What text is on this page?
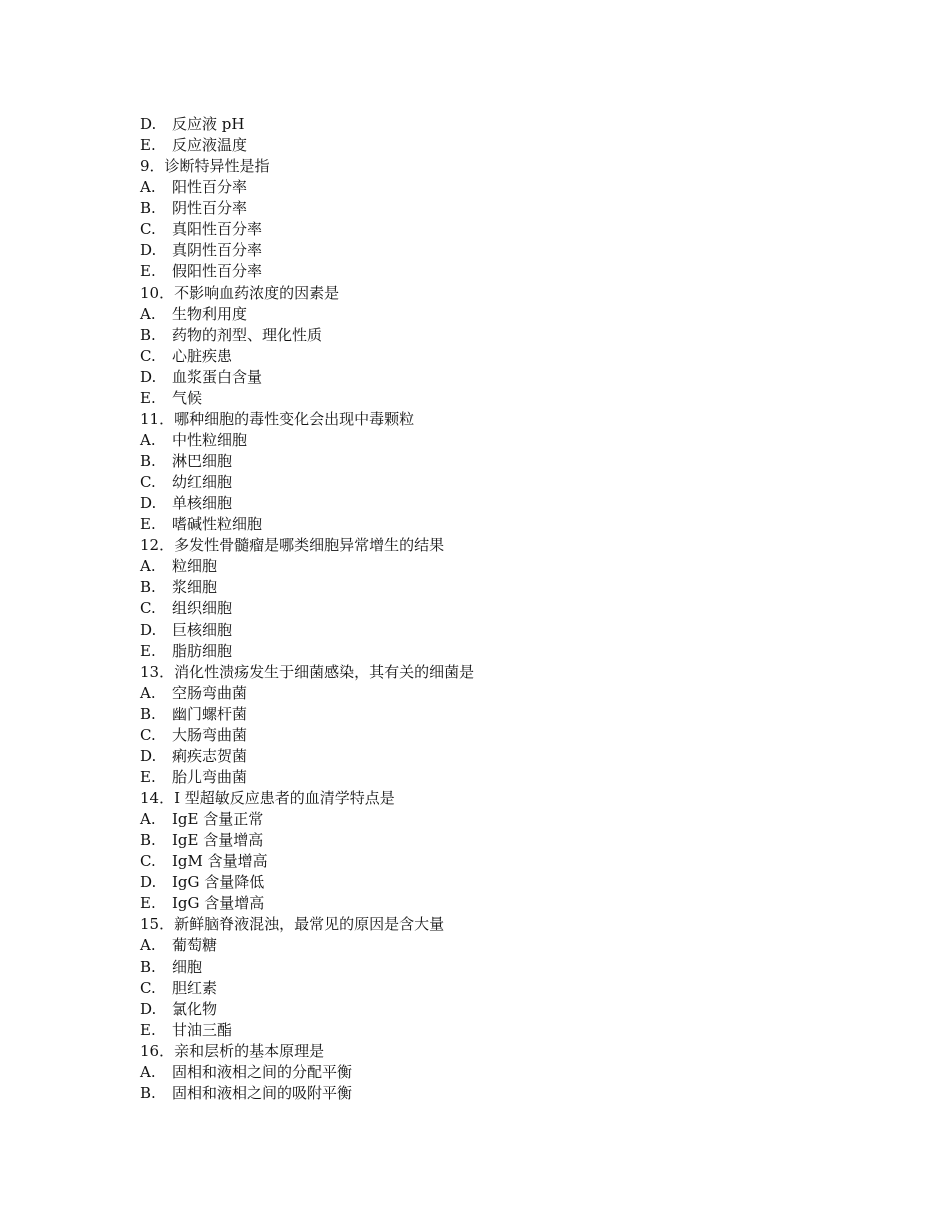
D. 反应液 pH
E. 反应液温度
9．诊断特异性是指
A. 阳性百分率
B. 阴性百分率
C. 真阳性百分率
D. 真阴性百分率
E. 假阳性百分率
10．不影响血药浓度的因素是
A. 生物利用度
B. 药物的剂型、理化性质
C. 心脏疾患
D. 血浆蛋白含量
E. 气候
11．哪种细胞的毒性变化会出现中毒颗粒
A. 中性粒细胞
B. 淋巴细胞
C. 幼红细胞
D. 单核细胞
E. 嗜碱性粒细胞
12．多发性骨髓瘤是哪类细胞异常增生的结果
A. 粒细胞
B. 浆细胞
C. 组织细胞
D. 巨核细胞
E. 脂肪细胞
13．消化性溃疡发生于细菌感染，其有关的细菌是
A. 空肠弯曲菌
B. 幽门螺杆菌
C. 大肠弯曲菌
D. 痢疾志贺菌
E. 胎儿弯曲菌
14．I 型超敏反应患者的血清学特点是
A. IgE 含量正常
B. IgE 含量增高
C. IgM 含量增高
D. IgG 含量降低
E. IgG 含量增高
15．新鲜脑脊液混浊，最常见的原因是含大量
A. 葡萄糖
B. 细胞
C. 胆红素
D. 氯化物
E. 甘油三酯
16．亲和层析的基本原理是
A. 固相和液相之间的分配平衡
B. 固相和液相之间的吸附平衡
